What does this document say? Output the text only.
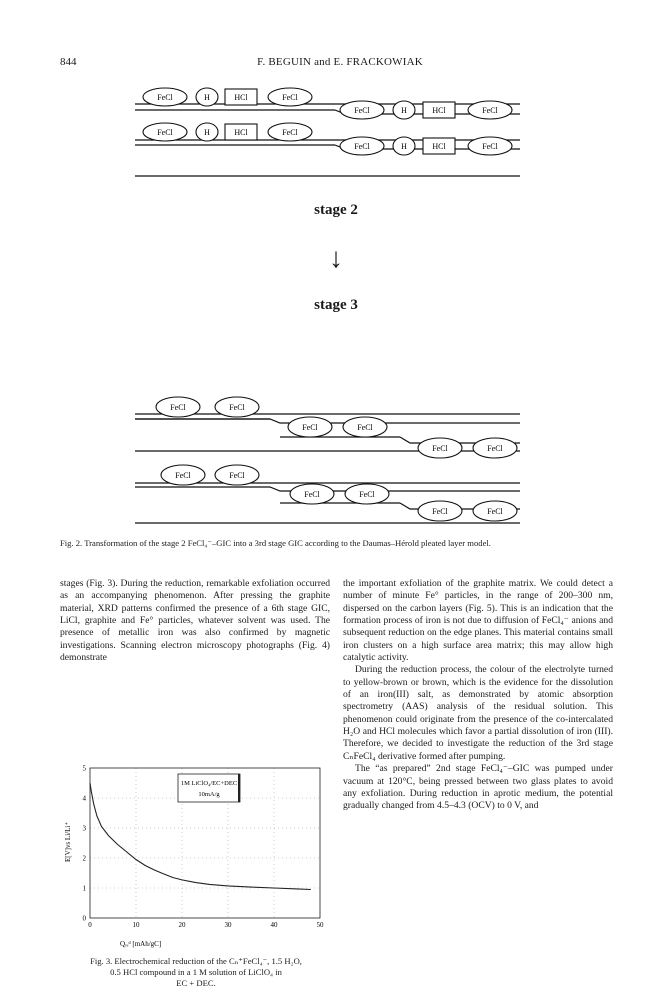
844	F. BEGUIN and E. FRACKOWIAK
FeCl	H	HCl	FeCl
FeCl	H	HCl	FeCl
FeCl	H	HCl	FeCl
FeCl	H	HCl	FeCl
stage 2
↓
stage 3
FeCl	FeCl
FeCl	FeCl
FeCl	FeCl
FeCl	FeCl
FeCl	FeCl
FeCl	FeCl
Fig. 2. Transformation of the stage 2 FeCl₄⁻–GIC into a 3rd stage GIC according to the Daumas–Hérold pleated layer model.

stages (Fig. 3). During the reduction, remarkable exfoliation occurred as an accompanying phenomenon. After pressing the graphite material, XRD patterns confirmed the presence of a 6th stage GIC, LiCl, graphite and Fe° particles, whatever solvent was used. The presence of metallic iron was also confirmed by magnetic investigations. Scanning electron microscopy photographs (Fig. 4) demonstrate

0	10	20	30	40	50
0
1
2
3
4
5
1M LiClO₄/EC+DEC
10mA/g
Qᵣₑᵈ [mAh/gC]
E[V]vs Li/Li⁺
Fig. 3. Electrochemical reduction of the Cₙ⁺FeCl₄⁻, 1.5 H₂O,
0.5 HCl compound in a 1 M solution of LiClO₄ in
EC + DEC.

the important exfoliation of the graphite matrix. We could detect a number of minute Fe° particles, in the range of 200–300 nm, dispersed on the carbon layers (Fig. 5). This is an indication that the formation process of iron is not due to diffusion of FeCl₄⁻ anions and subsequent reduction on the edge planes. This material contains small iron clusters on a high surface area matrix; this may allow high catalytic activity.

During the reduction process, the colour of the electrolyte turned to yellow-brown or brown, which is the evidence for the dissolution of an iron(III) salt, as demonstrated by atomic absorption spectrometry (AAS) analysis of the residual solution. This phenomenon could originate from the presence of the co-intercalated H₂O and HCl molecules which favor a partial dissolution of iron (III). Therefore, we decided to investigate the reduction of the 3rd stage CₙFeCl₄ derivative formed after pumping.

The “as prepared” 2nd stage FeCl₄⁻–GIC was pumped under vacuum at 120°C, being pressed between two glass plates to avoid any exfoliation. During reduction in aprotic medium, the potential gradually changed from 4.5–4.3 (OCV) to 0 V, and
